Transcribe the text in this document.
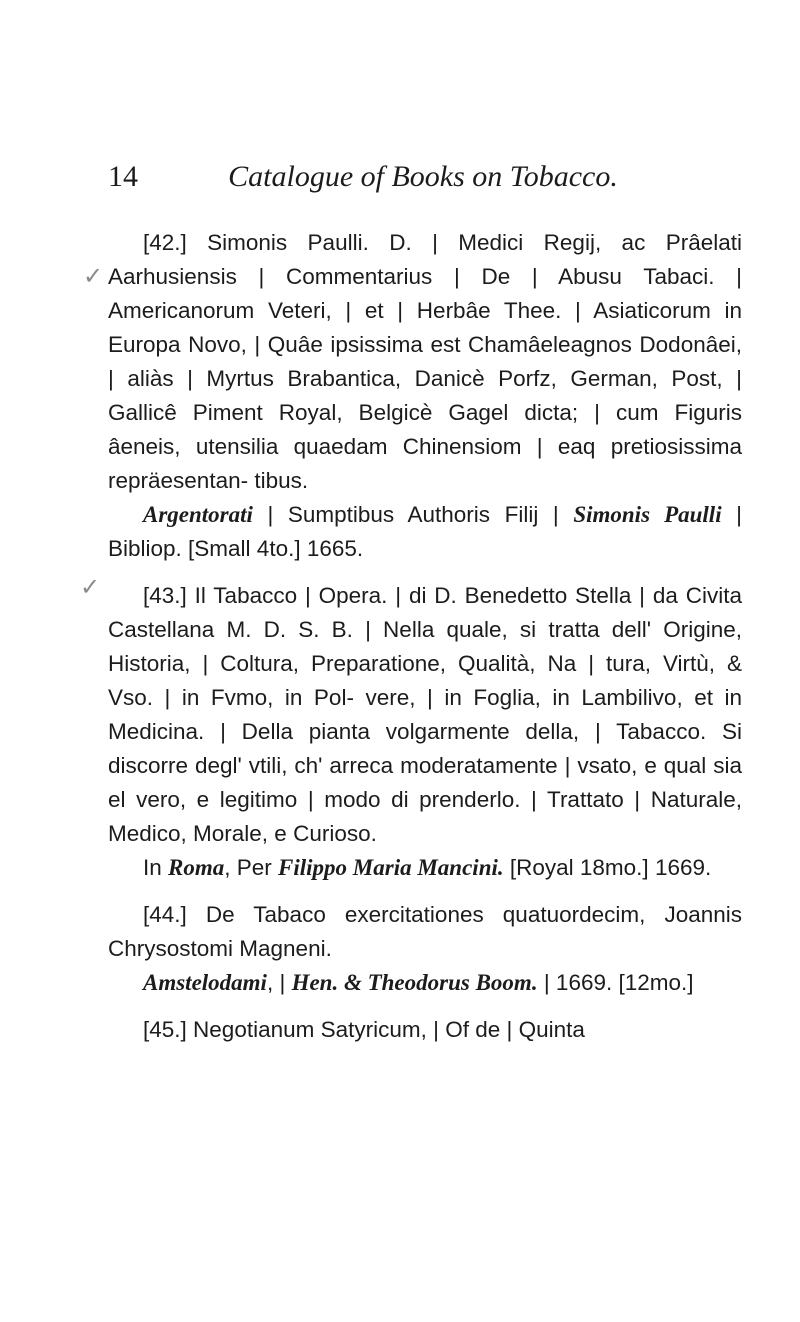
14	Catalogue of Books on Tobacco.
✓
✓

[42.] Simonis Paulli. D. | Medici Regij, ac Prâelati Aarhusiensis | Commentarius | De | Abusu Tabaci. | Americanorum Veteri, | et | Herbâe Thee. | Asiaticorum in Europa Novo, | Quâe ipsissima est Chamâeleagnos Dodonâei, | aliàs | Myrtus Brabantica, Danicè Porfz, German, Post, | Gallicê Piment Royal, Belgicè Gagel dicta; | cum Figuris âeneis, utensilia quaedam Chinensiom | eaq pretiosissima repräesentan- tibus.

Argentorati | Sumptibus Authoris Filij | Simonis Paulli | Bibliop. [Small 4to.] 1665.

[43.] Il Tabacco | Opera. | di D. Benedetto Stella | da Civita Castellana M. D. S. B. | Nella quale, si tratta dell' Origine, Historia, | Coltura, Preparatione, Qualità, Na | tura, Virtù, & Vso. | in Fvmo, in Pol- vere, | in Foglia, in Lambilivo, et in Medicina. | Della pianta volgarmente della, | Tabacco. Si discorre degl' vtili, ch' arreca moderatamente | vsato, e qual sia el vero, e legitimo | modo di prenderlo. | Trattato | Naturale, Medico, Morale, e Curioso.

In Roma, Per Filippo Maria Mancini. [Royal 18mo.] 1669.

[44.] De Tabaco exercitationes quatuordecim, Joannis Chrysostomi Magneni.

Amstelodami, | Hen. & Theodorus Boom. | 1669. [12mo.]

[45.] Negotianum Satyricum, | Of de | Quinta
